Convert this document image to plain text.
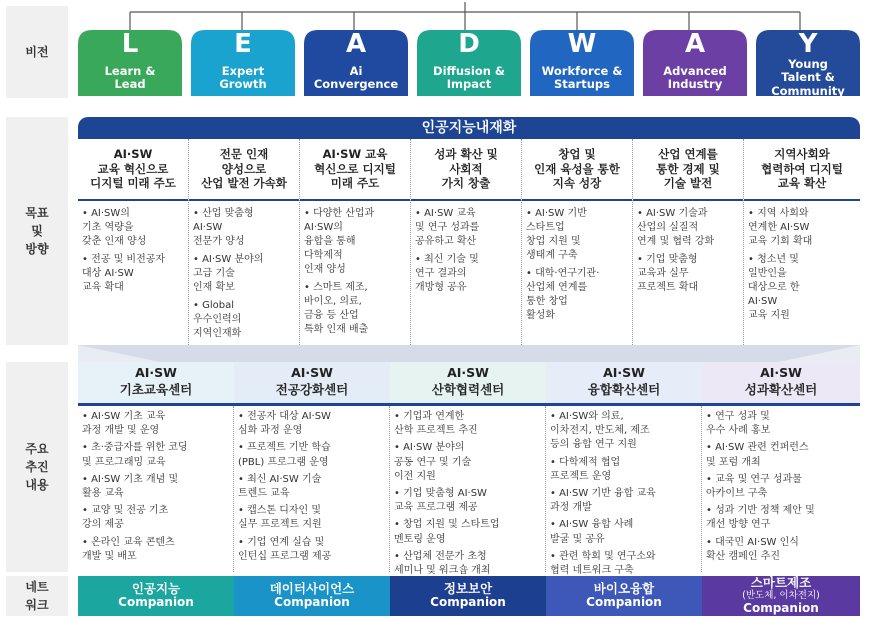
비전
목표
및
방향
주요
추진
내용
네트
워크
L
Learn &
Lead
E
Expert
Growth
A
Ai
Convergence
D
Diffusion &
Impact
W
Workforce &
Startups
A
Advanced
Industry
Y
Young
Talent &
Community
인공지능내재화
AI·SW
교육 혁신으로
디지털 미래 주도
• AI·SW의
기초 역량을
갖춘 인재 양성
• 전공 및 비전공자
대상 AI·SW
교육 확대
전문 인재
양성으로
산업 발전 가속화
• 산업 맞춤형
AI·SW
전문가 양성
• AI·SW 분야의
고급 기술
인재 확보
• Global
우수인력의
지역인재화
AI·SW 교육
혁신으로 디지털
미래 주도
• 다양한 산업과
AI·SW의
융합을 통해
다학제적
인재 양성
• 스마트 제조,
바이오, 의료,
금융 등 산업
특화 인재 배출
성과 확산 및
사회적
가치 창출
• AI·SW 교육
및 연구 성과를
공유하고 확산
• 최신 기술 및
연구 결과의
개방형 공유
창업 및
인재 육성을 통한
지속 성장
• AI·SW 기반
스타트업
창업 지원 및
생태계 구축
• 대학·연구기관·
산업체 연계를
통한 창업
활성화
산업 연계를
통한 경제 및
기술 발전
• AI·SW 기술과
산업의 실질적
연계 및 협력 강화
• 기업 맞춤형
교육과 실무
프로젝트 확대
지역사회와
협력하여 디지털
교육 확산
• 지역 사회와
연계한 AI·SW
교육 기회 확대
• 청소년 및
일반인을
대상으로 한
AI·SW
교육 지원
AI·SW
기초교육센터
AI·SW
전공강화센터
AI·SW
산학협력센터
AI·SW
융합확산센터
AI·SW
성과확산센터
• AI·SW 기초 교육
과정 개발 및 운영
• 초·중급자를 위한 코딩
및 프로그래밍 교육
• AI·SW 기초 개념 및
활용 교육
• 교양 및 전공 기초
강의 제공
• 온라인 교육 콘텐츠
개발 및 배포
• 전공자 대상 AI·SW
심화 과정 운영
• 프로젝트 기반 학습
(PBL) 프로그램 운영
• 최신 AI·SW 기술
트렌드 교육
• 캡스톤 디자인 및
실무 프로젝트 지원
• 기업 연계 실습 및
인턴십 프로그램 제공
• 기업과 연계한
산학 프로젝트 추진
• AI·SW 분야의
공동 연구 및 기술
이전 지원
• 기업 맞춤형 AI·SW
교육 프로그램 제공
• 창업 지원 및 스타트업
멘토링 운영
• 산업체 전문가 초청
세미나 및 워크숍 개최
• AI·SW와 의료,
이차전지, 반도체, 제조
등의 융합 연구 지원
• 다학제적 협업
프로젝트 운영
• AI·SW 기반 융합 교육
과정 개발
• AI·SW 융합 사례
발굴 및 공유
• 관련 학회 및 연구소와
협력 네트워크 구축
• 연구 성과 및
우수 사례 홍보
• AI·SW 관련 컨퍼런스
및 포럼 개최
• 교육 및 연구 성과물
아카이브 구축
• 성과 기반 정책 제안 및
개선 방향 연구
• 대국민 AI·SW 인식
확산 캠페인 추진
인공지능
Companion
데이터사이언스
Companion
정보보안
Companion
바이오융합
Companion
스마트제조
(반도체, 이차전지)
Companion
